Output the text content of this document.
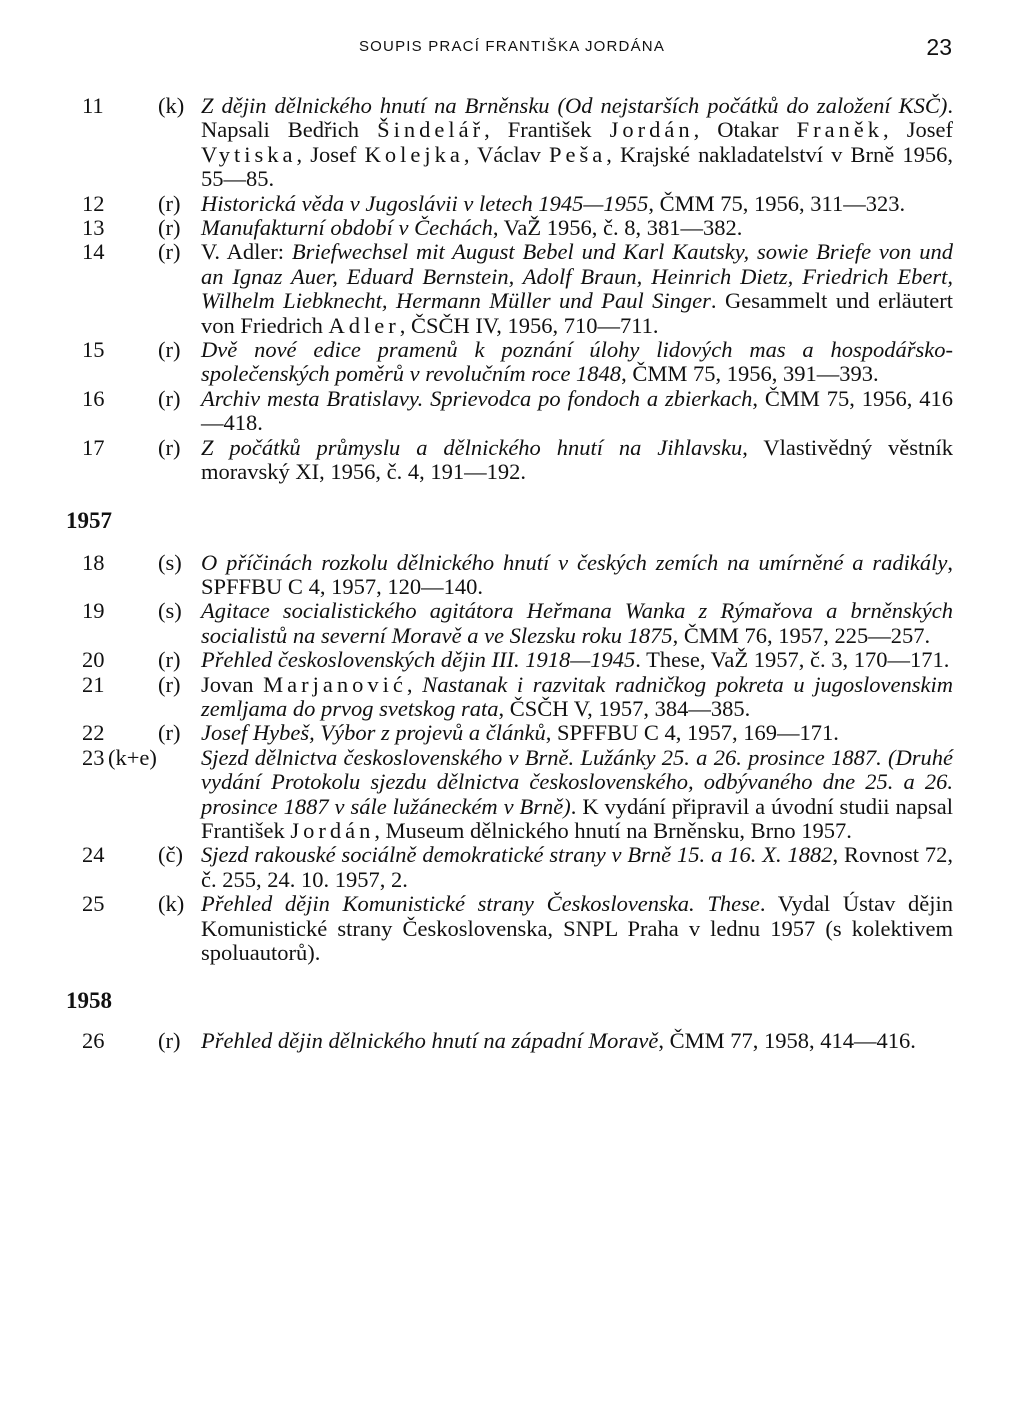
SOUPIS PRACÍ FRANTIŠKA JORDÁNA	23
11	(k) Z dějin dělnického hnutí na Brněnsku (Od nejstarších počátků do založení KSČ). Napsali Bedřich Šindelář, František Jordán, Otakar Franěk, Josef Vytiska, Josef Kolejka, Václav Peša, Krajské nakladatelství v Brně 1956, 55—85.
12	(r) Historická věda v Jugoslávii v letech 1945—1955, ČMM 75, 1956, 311—323.
13	(r) Manufakturní období v Čechách, VaŽ 1956, č. 8, 381—382.
14	(r) V. Adler: Briefwechsel mit August Bebel und Karl Kautsky, sowie Briefe von und an Ignaz Auer, Eduard Bernstein, Adolf Braun, Heinrich Dietz, Friedrich Ebert, Wilhelm Liebknecht, Hermann Müller und Paul Singer. Gesammelt und erläutert von Friedrich Adler, ČSČH IV, 1956, 710—711.
15	(r) Dvě nové edice pramenů k poznání úlohy lidových mas a hospodářsko-společenských poměrů v revolučním roce 1848, ČMM 75, 1956, 391—393.
16	(r) Archiv mesta Bratislavy. Sprievodca po fondoch a zbierkach, ČMM 75, 1956, 416—418.
17	(r) Z počátků průmyslu a dělnického hnutí na Jihlavsku, Vlastivědný věstník moravský XI, 1956, č. 4, 191—192.
1957
18	(s) O příčinách rozkolu dělnického hnutí v českých zemích na umírněné a radikály, SPFFBU C 4, 1957, 120—140.
19	(s) Agitace socialistického agitátora Heřmana Wanka z Rýmařova a brněnských socialistů na severní Moravě a ve Slezsku roku 1875, ČMM 76, 1957, 225—257.
20	(r) Přehled československých dějin III. 1918—1945. These, VaŽ 1957, č. 3, 170—171.
21	(r) Jovan Marjanović, Nastanak i razvitak radničkog pokreta u jugoslovenskim zemljama do prvog svetskog rata, ČSČH V, 1957, 384—385.
22	(r) Josef Hybeš, Výbor z projevů a článků, SPFFBU C 4, 1957, 169—171.
23 (k+e) Sjezd dělnictva československého v Brně. Lužánky 25. a 26. prosince 1887. (Druhé vydání Protokolu sjezdu dělnictva československého, odbývaného dne 25. a 26. prosince 1887 v sále lužáneckém v Brně). K vydání připravil a úvodní studii napsal František Jordán, Museum dělnického hnutí na Brněnsku, Brno 1957.
24	(č) Sjezd rakouské sociálně demokratické strany v Brně 15. a 16. X. 1882, Rovnost 72, č. 255, 24. 10. 1957, 2.
25	(k) Přehled dějin Komunistické strany Československa. These. Vydal Ústav dějin Komunistické strany Československa, SNPL Praha v lednu 1957 (s kolektivem spoluautorů).
1958
26	(r) Přehled dějin dělnického hnutí na západní Moravě, ČMM 77, 1958, 414—416.
